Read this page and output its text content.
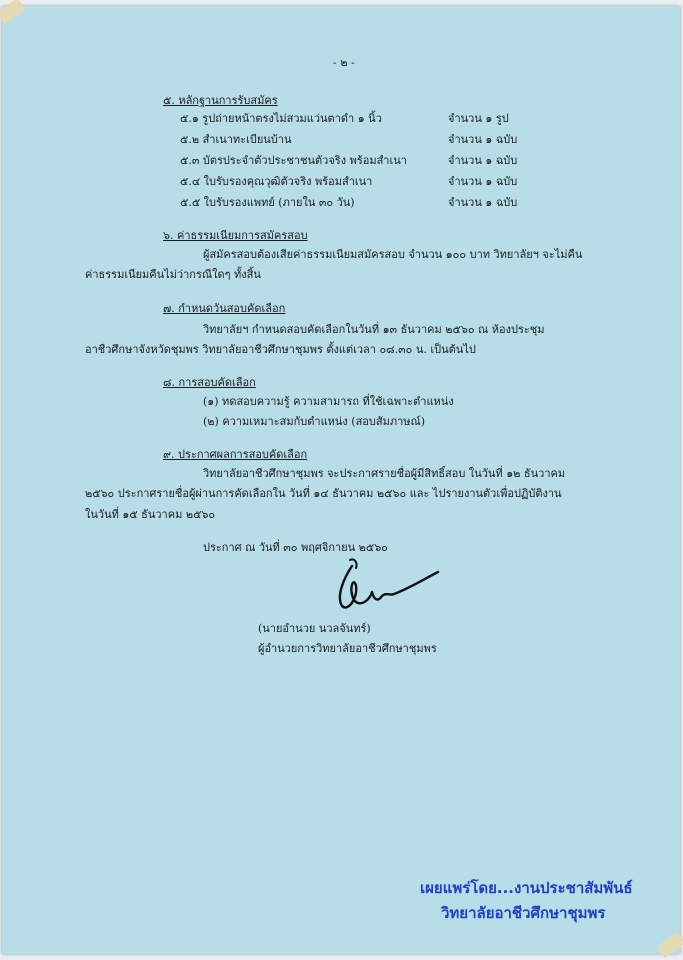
- ๒ -
๕. หลักฐานการรับสมัคร
๕.๑ รูปถ่ายหน้าตรงไม่สวมแว่นตาดำ ๑ นิ้ว	จำนวน ๑ รูป
๕.๒ สำเนาทะเบียนบ้าน	จำนวน ๑ ฉบับ
๕.๓ บัตรประจำตัวประชาชนตัวจริง พร้อมสำเนา	จำนวน ๑ ฉบับ
๕.๔ ใบรับรองคุณวุฒิตัวจริง พร้อมสำเนา	จำนวน ๑ ฉบับ
๕.๕ ใบรับรองแพทย์ (ภายใน ๓๐ วัน)	จำนวน ๑ ฉบับ
๖. ค่าธรรมเนียมการสมัครสอบ
ผู้สมัครสอบต้องเสียค่าธรรมเนียมสมัครสอบ จำนวน ๑๐๐ บาท วิทยาลัยฯ จะไม่คืน
ค่าธรรมเนียมคืนไม่ว่ากรณีใดๆ ทั้งสิ้น
๗. กำหนดวันสอบคัดเลือก
วิทยาลัยฯ กำหนดสอบคัดเลือกในวันที่ ๑๓ ธันวาคม ๒๕๖๐ ณ ห้องประชุม
อาชีวศึกษาจังหวัดชุมพร วิทยาลัยอาชีวศึกษาชุมพร ตั้งแต่เวลา ๐๘.๓๐ น. เป็นต้นไป
๘. การสอบคัดเลือก
(๑) ทดสอบความรู้ ความสามารถ ที่ใช้เฉพาะตำแหน่ง
(๒) ความเหมาะสมกับตำแหน่ง (สอบสัมภาษณ์)
๙. ประกาศผลการสอบคัดเลือก
วิทยาลัยอาชีวศึกษาชุมพร จะประกาศรายชื่อผู้มีสิทธิ์สอบ ในวันที่ ๑๒ ธันวาคม
๒๕๖๐ ประกาศรายชื่อผู้ผ่านการคัดเลือกใน วันที่ ๑๔ ธันวาคม ๒๕๖๐ และ ไปรายงานตัวเพื่อปฏิบัติงาน
ในวันที่ ๑๕ ธันวาคม ๒๕๖๐
ประกาศ ณ วันที่ ๓๐ พฤศจิกายน ๒๕๖๐
(นายอำนวย นวลจันทร์)
ผู้อำนวยการวิทยาลัยอาชีวศึกษาชุมพร
เผยแพร่โดย...งานประชาสัมพันธ์
วิทยาลัยอาชีวศึกษาชุมพร
